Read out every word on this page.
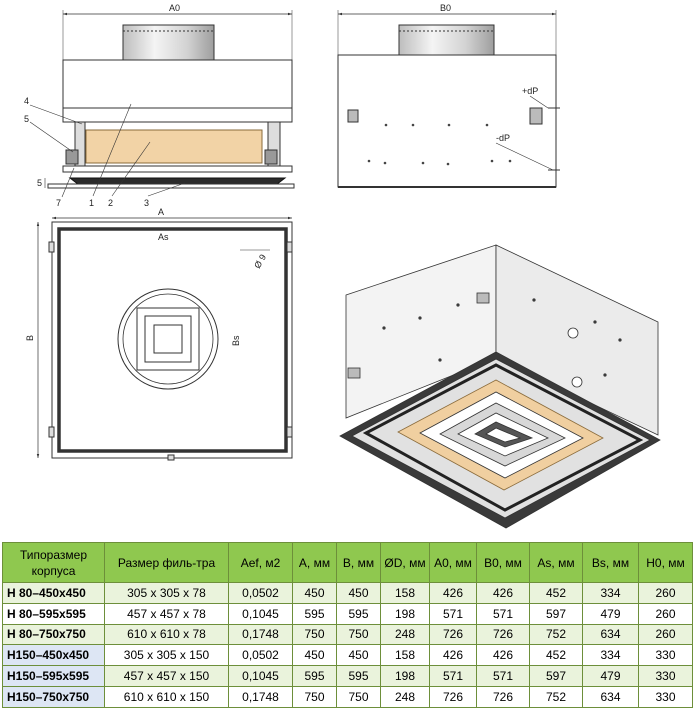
A0
5
4
5
7	1 2	3
B0
+dP
-dP
A
As
B	Bs
Ø 9
Типоразмер корпуса	Размер филь-тра	Aef, м2	A, мм	B, мм	ØD, мм	A0, мм	B0, мм	As, мм	Bs, мм	H0, мм
H 80–450x450	305 x 305 x 78	0,0502	450	450	158	426	426	452	334	260
H 80–595x595	457 x 457 x 78	0,1045	595	595	198	571	571	597	479	260
H 80–750x750	610 x 610 x 78	0,1748	750	750	248	726	726	752	634	260
H150–450x450	305 x 305 x 150	0,0502	450	450	158	426	426	452	334	330
H150–595x595	457 x 457 x 150	0,1045	595	595	198	571	571	597	479	330
H150–750x750	610 x 610 x 150	0,1748	750	750	248	726	726	752	634	330
